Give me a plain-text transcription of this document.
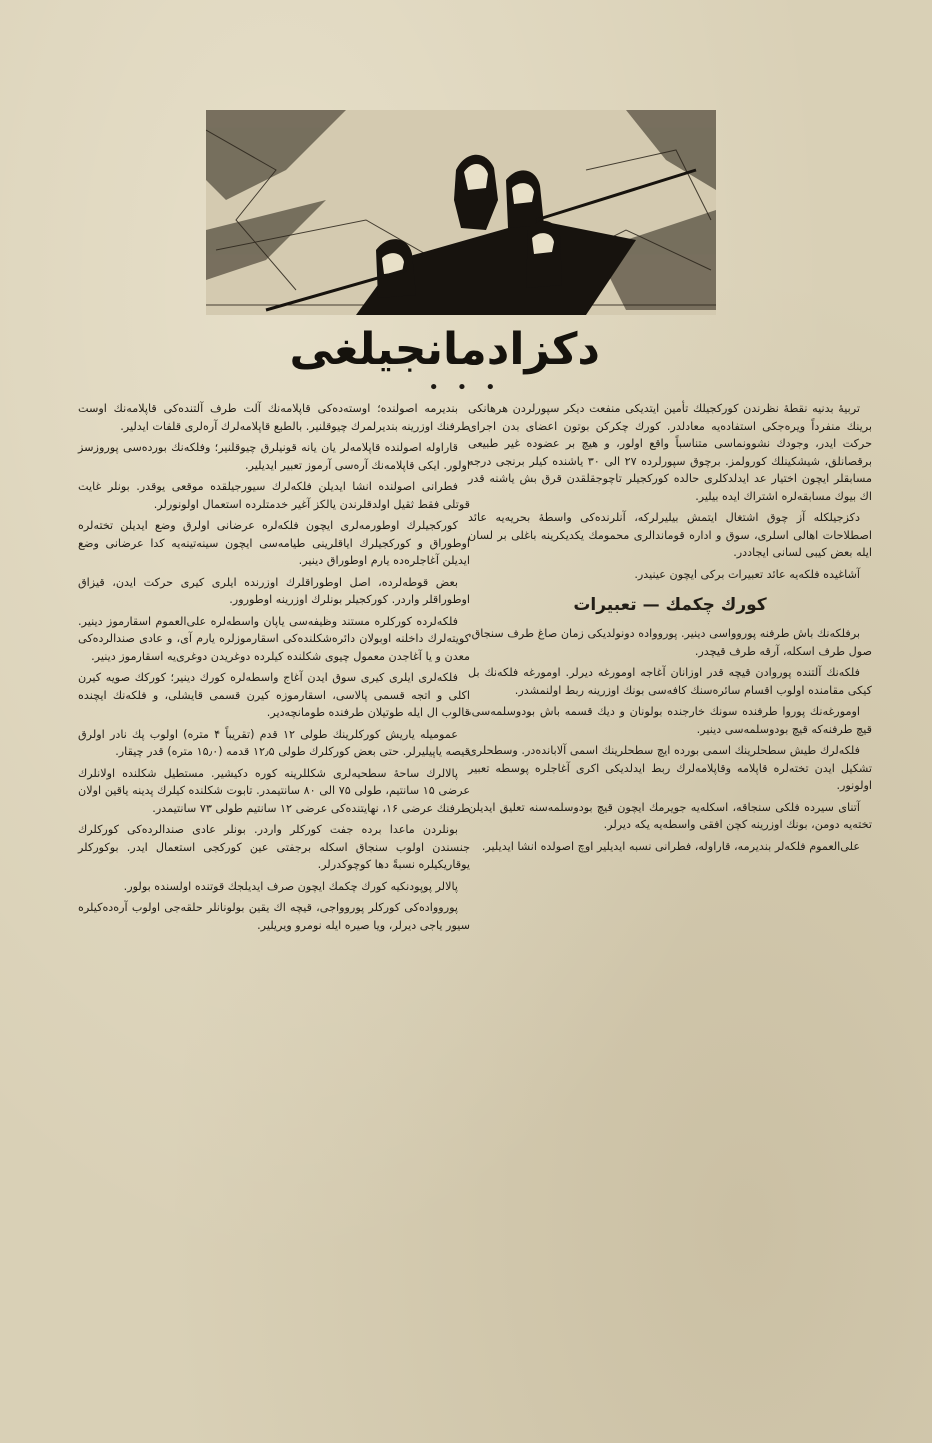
دکزادمانجیلغی
• • •

تربیهٔ بدنیه نقطهٔ نظرندن کورکجیلك تأمین ایتدیکی منفعت دیکر سپورلردن هرهانکی برینك منفرداً ویره‌جکی استفاده‌یه معادلدر. کورك چکرکن بوتون اعضای بدن اجرای حرکت ایدر، وجودك نشوونماسی متناسباً واقع اولور، و هیچ بر عضوده غیر طبیعی برقصانلق، شیشکینلك کورولمز. برچوق سپورلرده ۲۷ الی ۳۰ یاشنده کیلر برنجی درجه مسابقلر ایچون اختیار عد ایدلدکلری حالده کورکجیلر تاچوجقلقدن قرق بش یاشنه قدر اك بیوك مسابقه‌لره اشتراك ایده بیلیر.

دکزجیلکله آز چوق اشتغال ایتمش بیلیرلرکه، آنلرنده‌کی واسطهٔ بحریه‌یه عائد اصطلاحات اهالی اسلری، سوق و اداره قوماندالری محمومك یکدیکرینه باغلی بر لسان ایله بعض کیبی لسانی ایجاددر.

آشاغیده فلکه‌یه عائد تعبیرات برکی ایچون عینیدر.

کورك چکمك — تعبیرات

برفلکه‌نك باش طرفنه پوروواسی دینیر. پوروواده دونولدیکی زمان صاغ طرف سنجاق، صول طرف اسکله، آرقه طرف قیچدر.

فلکه‌نك آلتنده پوروادن قیچه قدر اوزانان آغاجه اومورغه دیرلر. اومورغه فلکه‌نك بل کیکی مقامنده اولوب اقسام سائره‌سنك کافه‌سی بونك اوزرینه ربط اولنمشدر.

اومورغه‌نك پوروا طرفنده سونك خارجنده بولونان و دیك قسمه باش بودوسلمه‌سی، قیچ طرفنه‌که قیچ بودوسلمه‌سی دینیر.

فلکه‌لرك طیش سطحلرینك اسمی بورده ایچ سطحلرینك اسمی آلابانده‌در. وسطحلری تشکیل ایدن تخته‌لره قاپلامه وقاپلامه‌لرك ربط ایدلدیکی اکری آغاجلره پوسطه تعبیر اولونور.

آتنای سیرده فلکی سنجاقه، اسکله‌یه جویرمك ایچون قیچ بودوسلمه‌سنه تعلیق ایدیلن تخته‌یه دومن، بونك اوزرینه کچن افقی واسطه‌یه یکه دیرلر.

علی‌العموم فلکه‌لر بندیرمه، قاراوله، فطرانی نسبه ایدیلیر اوچ اصولده انشا ایدیلیر.

بندیرمه اصولنده؛ اوسته‌ده‌کی قاپلامه‌نك آلت طرف آلتنده‌کی قاپلامه‌نك اوست طرفنك اوزرینه بندیرلمرك چیوقلنیر. بالطبع قاپلامه‌لرك آره‌لری قلفات ایدلیر.

قاراوله اصولنده قاپلامه‌لر یان یانه قونیلرق چیوقلنیر؛ وفلکه‌نك بورده‌سی پوروزسز اولور. ایکی قاپلامه‌نك آره‌سی آرموز تعبیر ایدیلیر.

فطرانی اصولنده انشا ایدیلن فلکه‌لرك سیورجیلقده موقعی یوقدر. بونلر غایت قوتلی فقط ثقیل اولدقلرندن یالکز آغیر خدمتلرده استعمال اولونورلر.

کورکجیلرك اوطورمه‌لری ایچون فلکه‌لره عرضانی اولرق وضع ایدیلن تخته‌لره اوطوراق و کورکجیلرك ایاقلرینی طیامه‌سی ایچون سینه‌تینه‌یه کدا عرضانی وضع ایدیلن آغاجلره‌ده یارم اوطوراق دینیر.

بعض قوطه‌لرده، اصل اوطوراقلرك اوزرنده ایلری کیری حرکت ایدن، قیزاق اوطوراقلر واردر. کورکجیلر بونلرك اوزرینه اوطورور.

فلکه‌لرده کورکلره مستند وظیفه‌سی یاپان واسطه‌لره علی‌العموم اسقارموز دینیر. کویته‌لرك داخلنه اوبولان دائره‌شکلنده‌کی اسقارموزلره یارم آی، و عادی صندالرده‌کی معدن و یا آغاجدن معمول چیوی شکلنده کیلرده دوغریدن دوغری‌یه اسقارموز دینیر.

فلکه‌لری ایلری کیری سوق ایدن آغاج واسطه‌لره کورك دینیر؛ کورکك صویه کیرن اکلی و اتجه قسمی پالاسی، اسقارموزه کیرن قسمی قایشلی، و فلکه‌نك ایچنده قالوب ال ایله طوتیلان طرفنده طومانچه‌دیر.

عمومیله یاریش کورکلرینك طولی ۱۲ قدم (تقریباً ۴ متره) اولوب پك نادر اولرق قیصه یاپیلیرلر. حتی بعض کورکلرك طولی ۱۲٫۵ قدمه (۱۵٫۰ متره) قدر چیقار.

پالالرك ساحهٔ سطحیه‌لری شکللرینه کوره دکیشیر. مستطیل شکلنده اولانلرك عرضی ۱۵ سانتیم، طولی ۷۵ الی ۸۰ سانتیمدر. تابوت شکلنده کیلرك پدینه یاقین اولان طرفنك عرضی ۱۶، نهایتنده‌کی عرضی ۱۲ سانتیم طولی ۷۳ سانتیمدر.

بونلردن ماعدا برده جفت کورکلر واردر. بونلر عادی صندالرده‌کی کورکلرك جنسندن اولوب سنجاق اسکله برجفتی عین کورکجی استعمال ایدر. بوکورکلر یوقاریکیلره نسبةً دها کوچوکدرلر.

پالالر پوپودنکیه کورك چکمك ایچون صرف ایدیلجك قوتنده اولسنده بولور.

پوروواده‌کی کورکلر پوروواجی، قیچه اك یقین بولونانلر حلقه‌جی اولوب آره‌ده‌کیلره سیور یاجی دیرلر، ویا صیره ایله نومرو ویریلیر.
